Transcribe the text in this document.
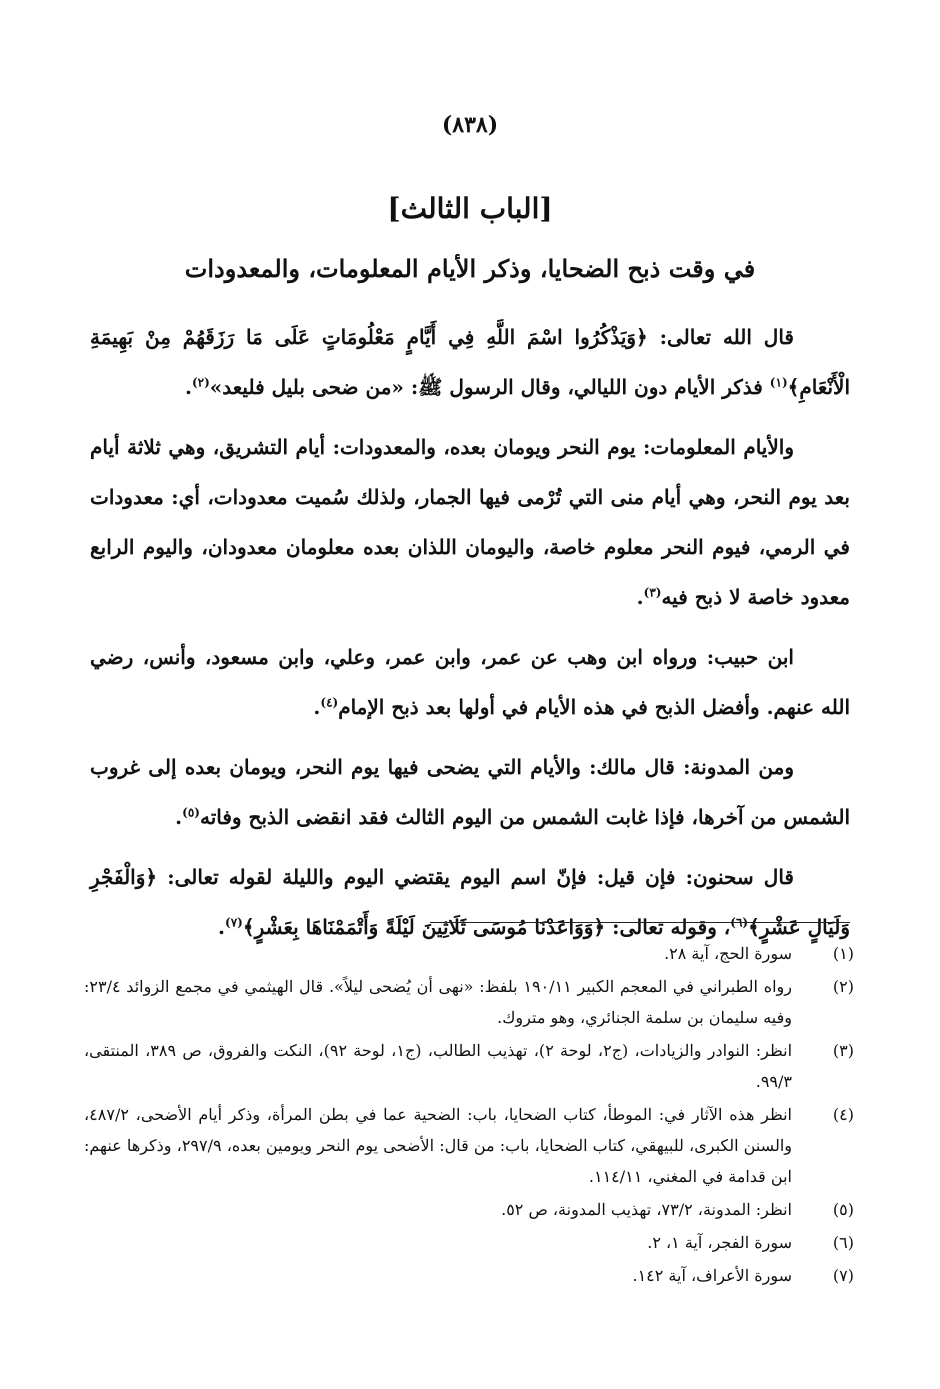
(٨٣٨)
[الباب الثالث]
في وقت ذبح الضحايا، وذكر الأيام المعلومات، والمعدودات

قال الله تعالى: ﴿وَيَذْكُرُوا اسْمَ اللَّهِ فِي أَيَّامٍ مَعْلُومَاتٍ عَلَى مَا رَزَقَهُمْ مِنْ بَهِيمَةِ الْأَنْعَامِ﴾$^{(١)}$ فذكر الأيام دون الليالي، وقال الرسول ﷺ: «من ضحى بليل فليعد»$^{(٢)}$.

والأيام المعلومات: يوم النحر ويومان بعده، والمعدودات: أيام التشريق، وهي ثلاثة أيام بعد يوم النحر، وهي أيام منى التي تُرْمى فيها الجمار، ولذلك سُميت معدودات، أي: معدودات في الرمي، فيوم النحر معلوم خاصة، واليومان اللذان بعده معلومان معدودان، واليوم الرابع معدود خاصة لا ذبح فيه$^{(٣)}$.

ابن حبيب: ورواه ابن وهب عن عمر، وابن عمر، وعلي، وابن مسعود، وأنس، رضي الله عنهم. وأفضل الذبح في هذه الأيام في أولها بعد ذبح الإمام$^{(٤)}$.

ومن المدونة: قال مالك: والأيام التي يضحى فيها يوم النحر، ويومان بعده إلى غروب الشمس من آخرها، فإذا غابت الشمس من اليوم الثالث فقد انقضى الذبح وفاته$^{(٥)}$.

قال سحنون: فإن قيل: فإنّ اسم اليوم يقتضي اليوم والليلة لقوله تعالى: ﴿وَالْفَجْرِ وَلَيَالٍ عَشْرٍ﴾$^{(٦)}$، وقوله تعالى: ﴿وَوَاعَدْنَا مُوسَى ثَلَاثِينَ لَيْلَةً وَأَتْمَمْنَاهَا بِعَشْرٍ﴾$^{(٧)}$.

(١)
سورة الحج، آية ٢٨.
(٢)
رواه الطبراني في المعجم الكبير ١٩٠/١١ بلفظ: «نهى أن يُضحى ليلاً». قال الهيثمي في مجمع الزوائد ٢٣/٤: وفيه سليمان بن سلمة الجنائري، وهو متروك.
(٣)
انظر: النوادر والزيادات، (ج٢، لوحة ٢)، تهذيب الطالب، (ج١، لوحة ٩٢)، النكت والفروق، ص ٣٨٩، المنتقى، ٩٩/٣.
(٤)
انظر هذه الآثار في: الموطأ، كتاب الضحايا، باب: الضحية عما في بطن المرأة، وذكر أيام الأضحى، ٤٨٧/٢، والسنن الكبرى، للبيهقي، كتاب الضحايا، باب: من قال: الأضحى يوم النحر ويومين بعده، ٢٩٧/٩، وذكرها عنهم: ابن قدامة في المغني، ١١٤/١١.
(٥)
انظر: المدونة، ٧٣/٢، تهذيب المدونة، ص ٥٢.
(٦)
سورة الفجر، آية ١، ٢.
(٧)
سورة الأعراف، آية ١٤٢.
